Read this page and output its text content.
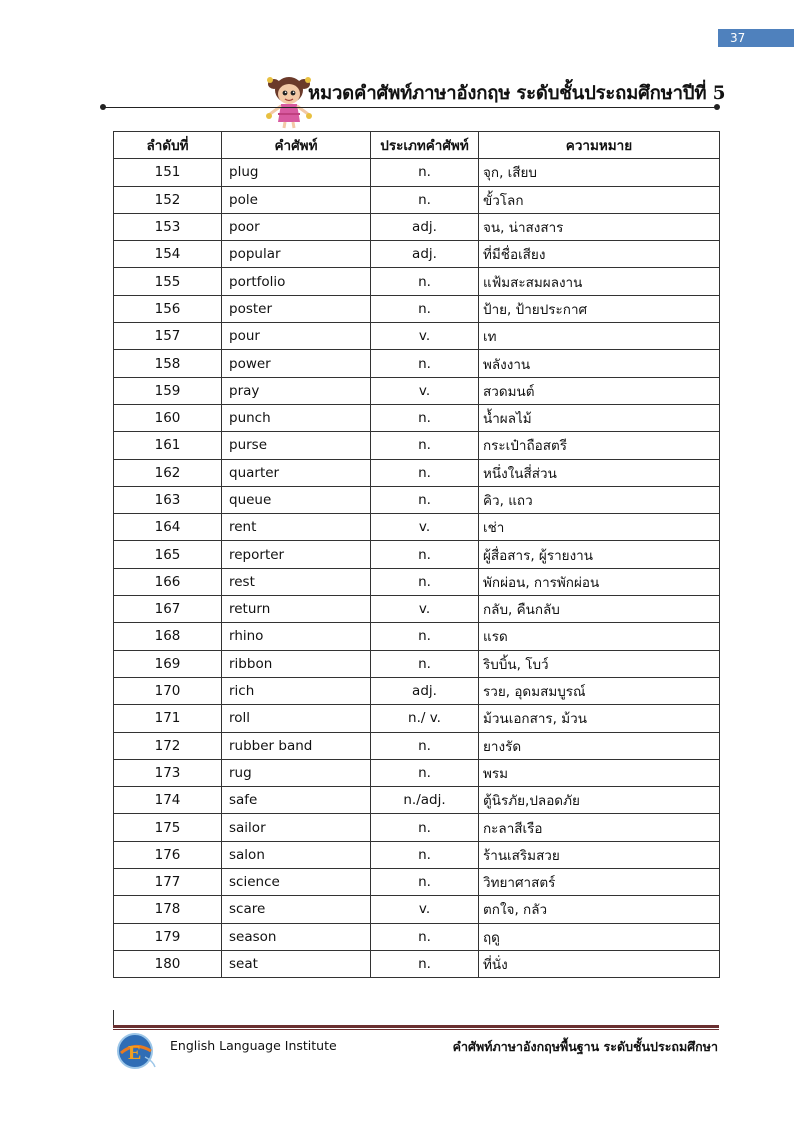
37
หมวดคำศัพท์ภาษาอังกฤษ ระดับชั้นประถมศึกษาปีที่ 5
ลำดับที่	คำศัพท์	ประเภทคำศัพท์	ความหมาย
151	plug	n.	จุก, เสียบ
152	pole	n.	ขั้วโลก
153	poor	adj.	จน, น่าสงสาร
154	popular	adj.	ที่มีชื่อเสียง
155	portfolio	n.	แฟ้มสะสมผลงาน
156	poster	n.	ป้าย, ป้ายประกาศ
157	pour	v.	เท
158	power	n.	พลังงาน
159	pray	v.	สวดมนต์
160	punch	n.	น้ำผลไม้
161	purse	n.	กระเป๋าถือสตรี
162	quarter	n.	หนึ่งในสี่ส่วน
163	queue	n.	คิว, แถว
164	rent	v.	เช่า
165	reporter	n.	ผู้สื่อสาร, ผู้รายงาน
166	rest	n.	พักผ่อน, การพักผ่อน
167	return	v.	กลับ, คืนกลับ
168	rhino	n.	แรด
169	ribbon	n.	ริบบิ้น, โบว์
170	rich	adj.	รวย, อุดมสมบูรณ์
171	roll	n./ v.	ม้วนเอกสาร, ม้วน
172	rubber band	n.	ยางรัด
173	rug	n.	พรม
174	safe	n./adj.	ตู้นิรภัย,ปลอดภัย
175	sailor	n.	กะลาสีเรือ
176	salon	n.	ร้านเสริมสวย
177	science	n.	วิทยาศาสตร์
178	scare	v.	ตกใจ, กลัว
179	season	n.	ฤดู
180	seat	n.	ที่นั่ง
E English Language Institute	คำศัพท์ภาษาอังกฤษพื้นฐาน ระดับชั้นประถมศึกษา
